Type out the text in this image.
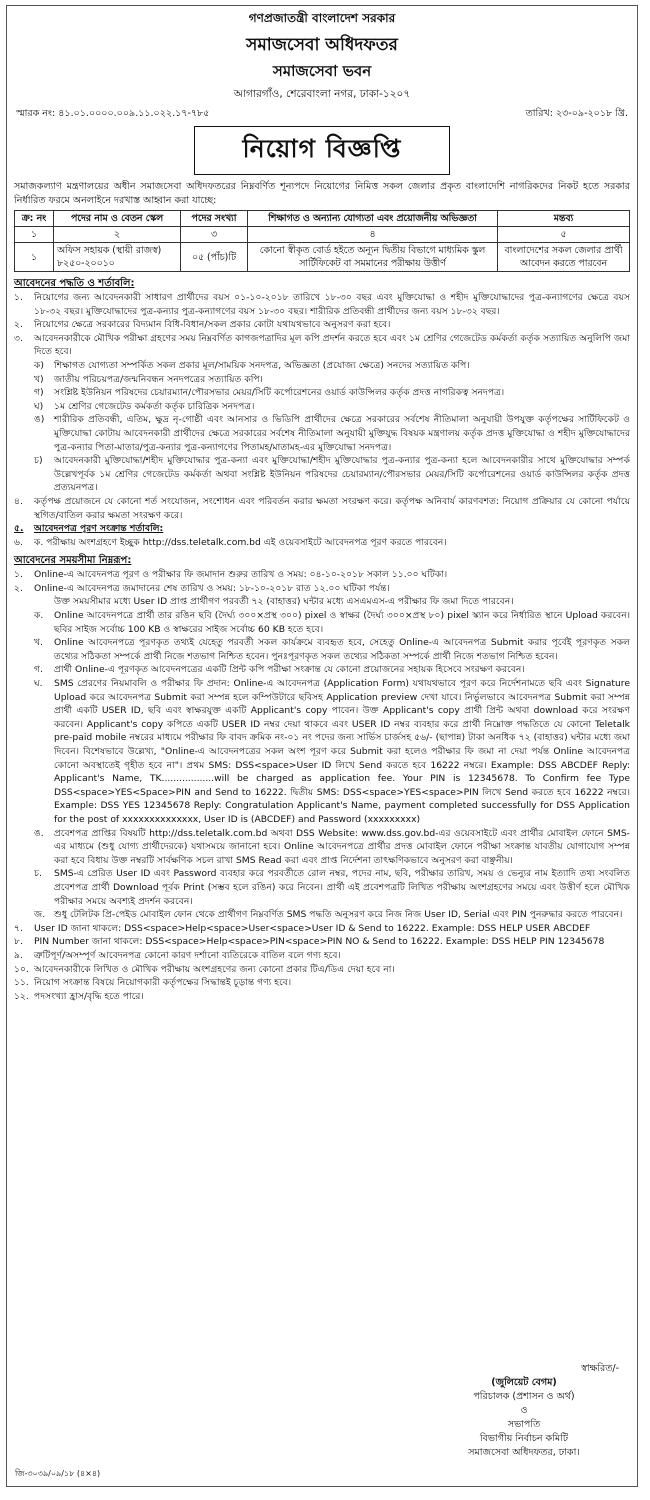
গণপ্রজাতন্ত্রী বাংলাদেশ সরকার
সমাজসেবা অধিদফতর
সমাজসেবা ভবন
আগারগাঁও, শেরেবাংলা নগর, ঢাকা-১২০৭
স্মারক নং: ৪১.০১.০০০০.০০৯.১১.০২২.১৭-৭৮৫	তারিখ: ২৩-০৯-২০১৮ খ্রি.
নিয়োগ বিজ্ঞপ্তি
সমাজকল্যাণ মন্ত্রণালয়ের অধীন সমাজসেবা অধিদফতরের নিম্নবর্ণিত শূন্যপদে নিয়োগের নিমিত্ত সকল জেলার প্রকৃত বাংলাদেশি নাগরিকদের নিকট হতে সরকার নির্ধারিত ফরমে অনলাইনে দরখাস্ত আহ্বান করা যাচ্ছে:
ক্র: নং	পদের নাম ও বেতন স্কেল	পদের সংখ্যা	শিক্ষাগত ও অন্যান্য যোগ্যতা এবং প্রয়োজনীয় অভিজ্ঞতা	মন্তব্য
১	২	৩	৪	৫
১	অফিস সহায়ক (স্থায়ী রাজস্ব) ৮২৫০-২০০১০	০৫ (পাঁচ)টি	কোনো স্বীকৃত বোর্ড হইতে অন্যূন দ্বিতীয় বিভাগে মাধ্যমিক স্কুল সার্টিফিকেট বা সমমানের পরীক্ষায় উত্তীর্ণ	বাংলাদেশের সকল জেলার প্রার্থী আবেদন করতে পারবেন
আবেদনের পদ্ধতি ও শর্তাবলি:
১.	নিয়োগের জন্য আবেদনকারী সাধারণ প্রার্থীদের বয়স ০১-১০-২০১৮ তারিখে ১৮-৩০ বছর এবং মুক্তিযোদ্ধা ও শহীদ মুক্তিযোদ্ধাদের পুত্র-কন্যাগণের ক্ষেত্রে বয়স ১৮-৩২ বছর। মুক্তিযোদ্ধাদের পুত্র-কন্যার পুত্র-কন্যাগণের বয়স ১৮-৩০ বছর। শারীরিক প্রতিবন্ধী প্রার্থীদের জন্য বয়স ১৮-৩২ বছর।
২.	নিয়োগের ক্ষেত্রে সরকারের বিদ্যমান বিধি-বিধান/সকল প্রকার কোটা যথাযথভাবে অনুসরণ করা হবে।
৩.	আবেদনকারীকে মৌখিক পরীক্ষা গ্রহণের সময় নিম্নবর্ণিত কাগজপত্রাদির মূল কপি প্রদর্শন করতে হবে এবং ১ম শ্রেণির গেজেটেড কর্মকর্তা কর্তৃক সত্যায়িত অনুলিপি জমা দিতে হবে।
ক)	শিক্ষাগত যোগ্যতা সম্পর্কিত সকল প্রকার মূল/সাময়িক সনদপত্র, অভিজ্ঞতা (প্রযোজ্য ক্ষেত্রে) সনদের সত্যায়িত কপি।
খ)	জাতীয় পরিচয়পত্র/জন্মনিবন্ধন সনদপত্রের সত্যায়িত কপি।
গ)	সংশ্লিষ্ট ইউনিয়ন পরিষদের চেয়ারম্যান/পৌরসভার মেয়র/সিটি কর্পোরেশনের ওয়ার্ড কাউন্সিলর কর্তৃক প্রদত্ত নাগরিকত্ব সনদপত্র।
ঘ)	১ম শ্রেণির গেজেটেড কর্মকর্তা কর্তৃক চারিত্রিক সনদপত্র।
ঙ)	শারীরিক প্রতিবন্ধী, এতিম, ক্ষুদ্র নৃ-গোষ্ঠী এবং আনসার ও ভিডিপি প্রার্থীদের ক্ষেত্রে সরকারের সর্বশেষ নীতিমালা অনুযায়ী উপযুক্ত কর্তৃপক্ষের সার্টিফিকেট ও মুক্তিযোদ্ধা কোটায় আবেদনকারী প্রার্থীদের ক্ষেত্রে সরকারের সর্বশেষ নীতিমালা অনুযায়ী মুক্তিযুদ্ধ বিষয়ক মন্ত্রণালয় কর্তৃক প্রদত্ত মুক্তিযোদ্ধা ও শহীদ মুক্তিযোদ্ধাদের পুত্র-কন্যার পিতা-মাতার/পুত্র-কন্যার পুত্র-কন্যাগণের পিতামহ/মাতামহ-এর মুক্তিযোদ্ধা সনদপত্র।
চ)	আবেদনকারী মুক্তিযোদ্ধা/শহীদ মুক্তিযোদ্ধার পুত্র-কন্যা এবং মুক্তিযোদ্ধা/শহীদ মুক্তিযোদ্ধার পুত্র-কন্যার পুত্র-কন্যা হলে আবেদনকারীর সাথে মুক্তিযোদ্ধার সম্পর্ক উল্লেখপূর্বক ১ম শ্রেণির গেজেটেড কর্মকর্তা অথবা সংশ্লিষ্ট ইউনিয়ন পরিষদের চেয়ারম্যান/পৌরসভার মেয়র/সিটি কর্পোরেশনের ওয়ার্ড কাউন্সিলর কর্তৃক প্রদত্ত প্রত্যয়নপত্র।
৪.	কর্তৃপক্ষ প্রয়োজনে যে কোনো শর্ত সংযোজন, সংশোধন এবং পরিবর্তন করার ক্ষমতা সংরক্ষণ করে। কর্তৃপক্ষ অনিবার্য কারণবশত: নিয়োগ প্রক্রিয়ার যে কোনো পর্যায়ে স্থগিত/বাতিল করার ক্ষমতা সংরক্ষণ করে।
৫.	আবেদনপত্র পূরণ সংক্রান্ত শর্তাবলি:
৬.	ক. পরীক্ষায় অংশগ্রহণে ইচ্ছুক http://dss.teletalk.com.bd এই ওয়েবসাইটে আবেদনপত্র পূরণ করতে পারবেন।
আবেদনের সময়সীমা নিম্নরূপ:
১.	Online-এ আবেদনপত্র পূরণ ও পরীক্ষার ফি জমাদান শুরুর তারিখ ও সময়: ০৪-১০-২০১৮ সকাল ১১.০০ ঘটিকা।
২.	Online-এ আবেদনপত্র জমাদানের শেষ তারিখ ও সময়: ১৮-১০-২০১৮ রাত ১২.০০ ঘটিকা পর্যন্ত।
উক্ত সময়সীমার মধ্যে User ID প্রাপ্ত প্রার্থীগণ পরবর্তী ৭২ (বাহাত্তর) ঘন্টার মধ্যে এসএমএস-এ পরীক্ষার ফি জমা দিতে পারবেন।
ক.	Online আবেদনপত্রে প্রার্থী তার রঙিন ছবি (দৈর্ঘ্য ৩০০×প্রস্থ ৩০০) pixel ও স্বাক্ষর (দৈর্ঘ্য ৩০০×প্রস্থ ৮০) pixel স্ক্যান করে নির্ধারিত স্থানে Upload করবেন। ছবির সাইজ সর্বোচ্চ 100 KB ও স্বাক্ষরের সাইজ সর্বোচ্চ 60 KB হতে হবে।
খ.	Online আবেদনপত্রে পূরণকৃত তথ্যই যেহেতু পরবর্তী সকল কার্যক্রমে ব্যবহৃত হবে, সেহেতু Online-এ আবেদনপত্র Submit করার পূর্বেই পূরণকৃত সকল তথ্যের সঠিকতা সম্পর্কে প্রার্থী নিজে শতভাগ নিশ্চিত হবেন। পুনঃপূরণকৃত সকল তথ্যের সঠিকতা সম্পর্কে প্রার্থী নিজে শতভাগ নিশ্চিত হবেন।
গ.	প্রার্থী Online-এ পূরণকৃত আবেদনপত্রের একটি প্রিন্ট কপি পরীক্ষা সংক্রান্ত যে কোনো প্রয়োজনের সহায়ক হিসেবে সংরক্ষণ করবেন।
ঘ.	SMS প্রেরণের নিয়মাবলি ও পরীক্ষার ফি প্রদান: Online-এ আবেদনপত্র (Application Form) যথাযথভাবে পূরণ করে নির্দেশনামতে ছবি এবং Signature Upload করে আবেদনপত্র Submit করা সম্পন্ন হলে কম্পিউটারে ছবিসহ Application preview দেখা যাবে। নির্ভুলভাবে আবেদনপত্র Submit করা সম্পন্ন প্রার্থী একটি USER ID, ছবি এবং স্বাক্ষরযুক্ত একটি Applicant's copy পাবেন। উক্ত Applicant's copy প্রার্থী প্রিন্ট অথবা download করে সংরক্ষণ করবেন। Applicant's copy কপিতে একটি USER ID নম্বর দেয়া থাকবে এবং USER ID নম্বর ব্যবহার করে প্রার্থী নিম্নোক্ত পদ্ধতিতে যে কোনো Teletalk pre-paid mobile নম্বরের মাধ্যমে পরীক্ষার ফি বাবদ ক্রমিক নং-০১ নং পদের জন্য সার্ভিস চার্জসহ ৫৬/- (ছাপান্ন) টাকা অনধিক ৭২ (বাহাত্তর) ঘন্টার মধ্যে জমা দিবেন। বিশেষভাবে উল্লেখ্য, "Online-এ আবেদনপত্রের সকল অংশ পূরণ করে Submit করা হলেও পরীক্ষার ফি জমা না দেয়া পর্যন্ত Online আবেদনপত্র কোনো অবস্থাতেই গৃহীত হবে না"। প্রথম SMS: DSS<space>User ID লিখে Send করতে হবে 16222 নম্বরে। Example: DSS ABCDEF Reply: Applicant's Name, TK..................will be charged as application fee. Your PIN is 12345678. To Confirm fee Type DSS<space>YES<Space>PIN and Send to 16222. দ্বিতীয় SMS: DSS<space>YES<space>PIN লিখে Send করতে হবে 16222 নম্বরে। Example: DSS YES 12345678 Reply: Congratulation Applicant's Name, payment completed successfully for DSS Application for the post of xxxxxxxxxxxxxx, User ID is (ABCDEF) and Password (xxxxxxxxx)
ঙ.	প্রবেশপত্র প্রাপ্তির বিষয়টি http://dss.teletalk.com.bd অথবা DSS Website: www.dss.gov.bd-এর ওয়েবসাইটে এবং প্রার্থীর মোবাইল ফোনে SMS-এর মাধ্যমে (শুধু যোগ্য প্রার্থীদেরকে) যথাসময়ে জানানো হবে। Online আবেদনপত্রে প্রার্থীর প্রদত্ত মোবাইল ফোনে পরীক্ষা সংক্রান্ত যাবতীয় যোগাযোগ সম্পন্ন করা হবে বিধায় উক্ত নম্বরটি সার্বক্ষণিক সচল রাখা SMS Read করা এবং প্রাপ্ত নির্দেশনা তাৎক্ষণিকভাবে অনুসরণ করা বাঞ্ছনীয়।
চ.	SMS-এ প্রেরিত User ID এবং Password ব্যবহার করে পরবর্তীতে রোল নম্বর, পদের নাম, ছবি, পরীক্ষার তারিখ, সময় ও ভেন্যুর নাম ইত্যাদি তথ্য সংবলিত প্রবেশপত্র প্রার্থী Download পূর্বক Print (সম্ভব হলে রঙিন) করে নিবেন। প্রার্থী এই প্রবেশপত্রটি লিখিত পরীক্ষায় অংশগ্রহণের সময়ে এবং উত্তীর্ণ হলে মৌখিক পরীক্ষার সময়ে অবশ্যই প্রদর্শন করবেন।
জ. শুধু টেলিটক প্রি-পেইড মোবাইল ফোন থেকে প্রার্থীগণ নিম্নবর্ণিত SMS পদ্ধতি অনুসরণ করে নিজ নিজ User ID, Serial এবং PIN পুনরুদ্ধার করতে পারবেন।
৭.	User ID জানা থাকলে: DSS<space>Help<space>User<space>User ID & Send to 16222. Example: DSS HELP USER ABCDEF
৮.	PIN Number জানা থাকলে: DSS<space>Help<space>PIN<space>PIN NO & Send to 16222. Example: DSS HELP PIN 12345678
৯.	ত্রুটিপূর্ণ/অসম্পূর্ণ আবেদনপত্র কোনো কারণ দর্শানো ব্যতিরেকে বাতিল বলে গণ্য হবে।
১০. আবেদনকারীকে লিখিত ও মৌখিক পরীক্ষায় অংশগ্রহণের জন্য কোনো প্রকার টিএ/ডিএ দেয়া হবে না।
১১. নিয়োগ সংক্রান্ত বিষয়ে নিয়োগকারী কর্তৃপক্ষের সিদ্ধান্তই চূড়ান্ত গণ্য হবে।
১২. পদসংখ্যা হ্রাস/বৃদ্ধি হতে পারে।
স্বাক্ষরিত/-
(জুলিয়েট বেগম)
পরিচালক (প্রশাসন ও অর্থ)
ও
সভাপতি
বিভাগীয় নির্বাচন কমিটি
সমাজসেবা অধিদফতর, ঢাকা।
জি-৩০৩৯/০৯/১৮ (৪×৪)
